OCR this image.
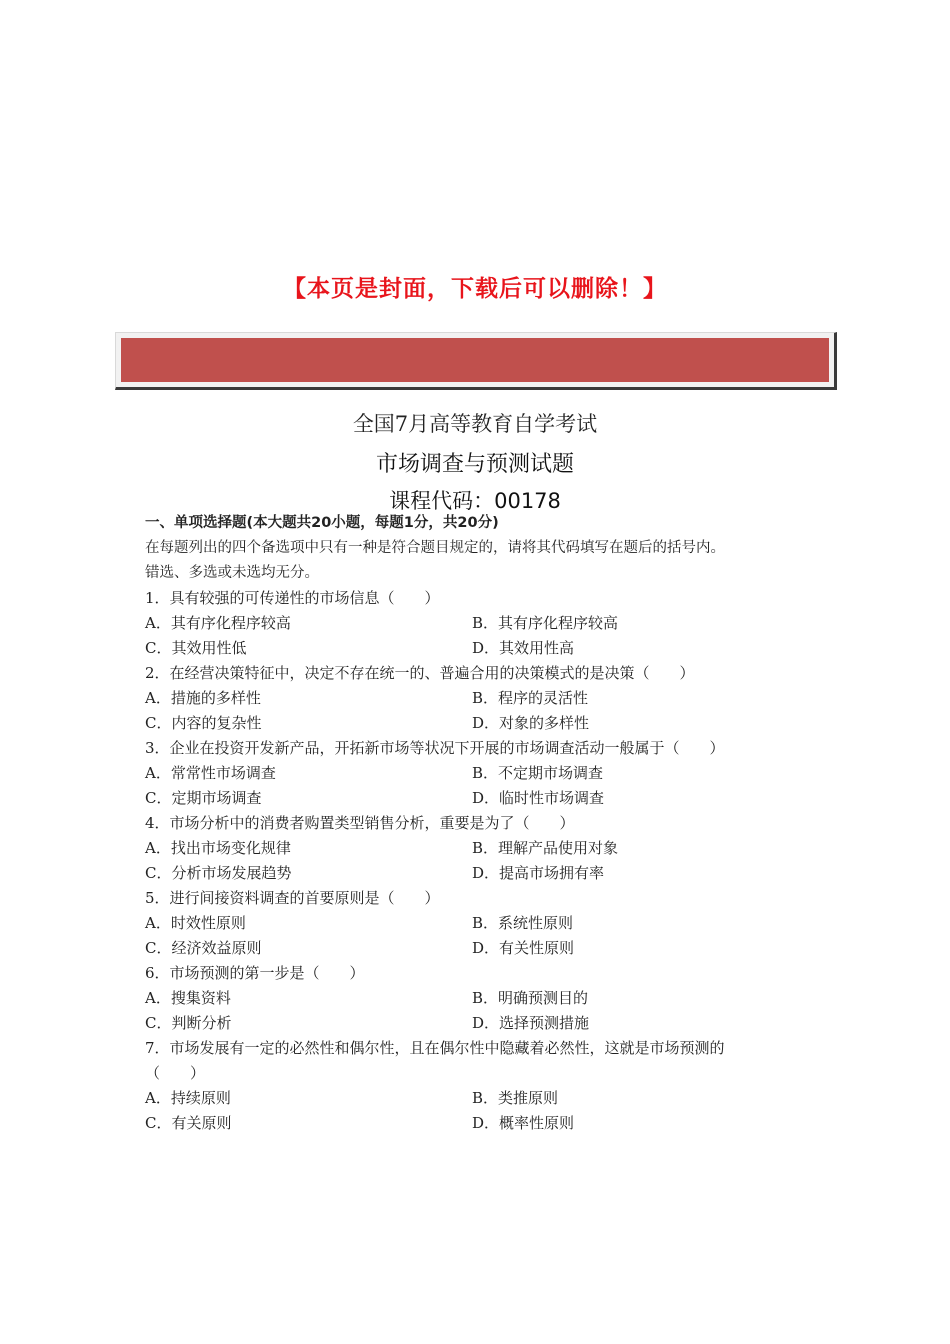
【本页是封面，下载后可以删除！】
全国7月高等教育自学考试
市场调查与预测试题
课程代码：00178
一、单项选择题(本大题共20小题，每题1分，共20分)
在每题列出的四个备选项中只有一种是符合题目规定的，请将其代码填写在题后的括号内。
错选、多选或未选均无分。
1．具有较强的可传递性的市场信息（　　）
A．其有序化程序较高	B．其有序化程序较高
C．其效用性低	D．其效用性高
2．在经营决策特征中，决定不存在统一的、普遍合用的决策模式的是决策（　　）
A．措施的多样性	B．程序的灵活性
C．内容的复杂性	D．对象的多样性
3．企业在投资开发新产品，开拓新市场等状况下开展的市场调查活动一般属于（　　）
A．常常性市场调查	B．不定期市场调查
C．定期市场调查	D．临时性市场调查
4．市场分析中的消费者购置类型销售分析，重要是为了（　　）
A．找出市场变化规律	B．理解产品使用对象
C．分析市场发展趋势	D．提高市场拥有率
5．进行间接资料调查的首要原则是（　　）
A．时效性原则	B．系统性原则
C．经济效益原则	D．有关性原则
6．市场预测的第一步是（　　）
A．搜集资料	B．明确预测目的
C．判断分析	D．选择预测措施
7．市场发展有一定的必然性和偶尔性，且在偶尔性中隐藏着必然性，这就是市场预测的
（　　）
A．持续原则	B．类推原则
C．有关原则	D．概率性原则
